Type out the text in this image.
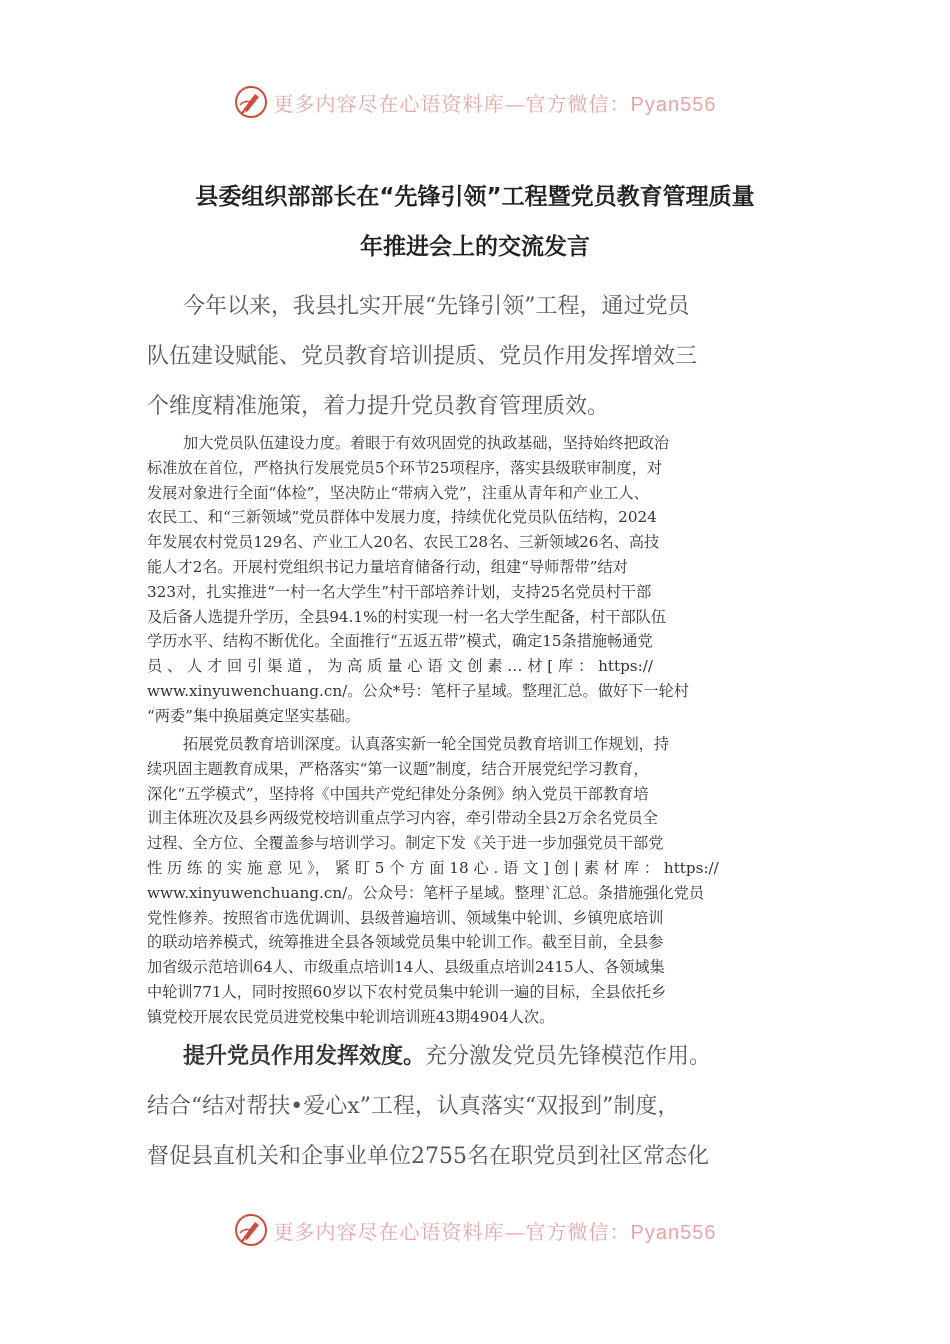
更多内容尽在心语资料库—官方微信：Pyan556
县委组织部部长在“先锋引领”工程暨党员教育管理质量
年推进会上的交流发言
今年以来，我县扎实开展“先锋引领”工程，通过党员
队伍建设赋能、党员教育培训提质、党员作用发挥增效三
个维度精准施策，着力提升党员教育管理质效。
加大党员队伍建设力度。着眼于有效巩固党的执政基础，坚持始终把政治
标准放在首位，严格执行发展党员5个环节25项程序，落实县级联审制度，对
发展对象进行全面“体检”，坚决防止“带病入党”，注重从青年和产业工人、
农民工、和“三新领域”党员群体中发展力度，持续优化党员队伍结构，2024
年发展农村党员129名、产业工人20名、农民工28名、三新领域26名、高技
能人才2名。开展村党组织书记力量培育储备行动，组建“导师帮带”结对
323对，扎实推进“一村一名大学生”村干部培养计划，支持25名党员村干部
及后备人选提升学历，全县94.1%的村实现一村一名大学生配备，村干部队伍
学历水平、结构不断优化。全面推行“五返五带”模式，确定15条措施畅通党
员 、 人 才 回 引 渠 道 ， 为 高 质 量 心 语 文 创 素 … 材 [ 库 ： https://
www.xinyuwenchuang.cn/。公众*号：笔杆子星域。整理汇总。做好下一轮村
“两委”集中换届奠定坚实基础。
拓展党员教育培训深度。认真落实新一轮全国党员教育培训工作规划，持
续巩固主题教育成果，严格落实“第一议题”制度，结合开展党纪学习教育，
深化“五学模式”，坚持将《中国共产党纪律处分条例》纳入党员干部教育培
训主体班次及县乡两级党校培训重点学习内容，牵引带动全县2万余名党员全
过程、全方位、全覆盖参与培训学习。制定下发《关于进一步加强党员干部党
性 历 练 的 实 施 意 见 》， 紧 盯 5 个 方 面 18 心 . 语 文 ] 创 | 素 材 库 ： https://
www.xinyuwenchuang.cn/。公众号：笔杆子星域。整理`汇总。条措施强化党员
党性修养。按照省市选优调训、县级普遍培训、领域集中轮训、乡镇兜底培训
的联动培养模式，统筹推进全县各领域党员集中轮训工作。截至目前，全县参
加省级示范培训64人、市级重点培训14人、县级重点培训2415人、各领域集
中轮训771人，同时按照60岁以下农村党员集中轮训一遍的目标，全县依托乡
镇党校开展农民党员进党校集中轮训培训班43期4904人次。
提升党员作用发挥效度。充分激发党员先锋模范作用。
结合“结对帮扶•爱心x”工程，认真落实“双报到”制度，
督促县直机关和企事业单位2755名在职党员到社区常态化
更多内容尽在心语资料库—官方微信：Pyan556
